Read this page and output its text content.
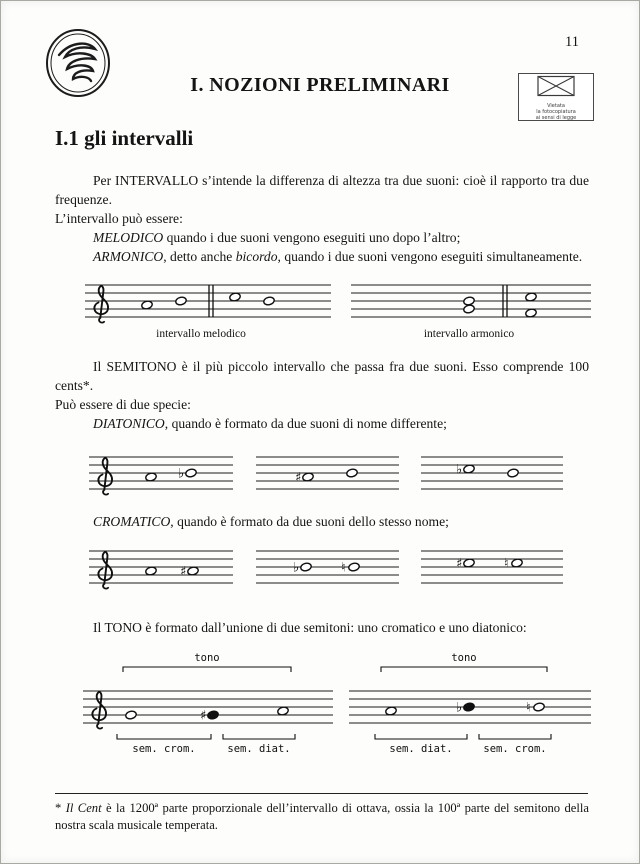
11
I. NOZIONI PRELIMINARI
Vietata
la fotocopiatura
ai sensi di legge
I.1 gli intervalli

Per INTERVALLO s’intende la differenza di altezza tra due suoni: cioè il rapporto tra due frequenze.

L’intervallo può essere:

MELODICO quando i due suoni vengono eseguiti uno dopo l’altro;

ARMONICO, detto anche bicordo, quando i due suoni vengono eseguiti simultaneamente.

intervallo melodico	intervallo armonico

Il SEMITONO è il più piccolo intervallo che passa fra due suoni. Esso comprende 100 cents*.

Può essere di due specie:

DIATONICO, quando è formato da due suoni di nome differente;

CROMATICO, quando è formato da due suoni dello stesso nome;

Il TONO è formato dall’unione di due semitoni: uno cromatico e uno diatonico:

* Il Cent è la 1200ª parte proporzionale dell’intervallo di ottava, ossia la 100ª parte del semitono della nostra scala musicale temperata.

♭	♯
♭
♯	♭	♮	♯	♮
♯
tono
sem. crom.	sem. diat.
♭	♮
tono
sem. diat.	sem. crom.
